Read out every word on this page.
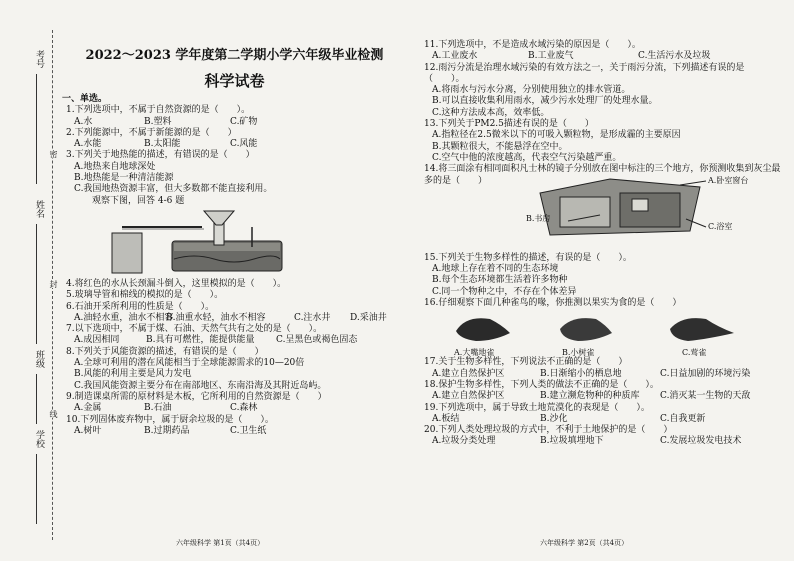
考号
姓名
班级
学校
密
封
线
2022～2023 学年度第二学期小学六年级毕业检测
科学试卷
一、单选。
1.下列选项中，不属于自然资源的是（　　）。
A.水	B.塑料	C.矿物
2.下列能源中，不属于新能源的是（　　）
A.水能	B.太阳能	C.风能
3.下列关于地热能的描述，有错误的是（　　）
A.地热来自地球深处
B.地热能是一种清洁能源
C.我国地热资源丰富，但大多数都不能直接利用。
观察下图，回答 4-6 题
4.将红色的水从长颈漏斗倒入，这里模拟的是（　　）。
5.玻璃导管和棉线的模拟的是（　　）。
6.石油开采所利用的性质是（　　）。
A.油轻水重，油水不相容
B.油重水轻，油水不相容	C.注水井	D.采油井
7.以下选项中，不属于煤、石油、天然气共有之处的是（　　）。
A.成因相同	B.具有可燃性，能提供能量	C.呈黑色或褐色固态
8.下列关于风能资源的描述，有错误的是（　　）
A.全球可利用的潜在风能相当于全球能源需求的10—20倍
B.风能的利用主要是风力发电
C.我国风能资源主要分布在南部地区、东南沿海及其附近岛屿。
9.制造课桌所需的原材料是木板，它所利用的自然资源是（　　）
A.金属	B.石油	C.森林
10.下列固体废弃物中，属于厨余垃圾的是（　　）。
A.树叶	B.过期药品	C.卫生纸
六年级科学 第1页（共4页）
11.下列选项中，不是造成水域污染的原因是（　　）。
A.工业废水	B.工业废气	C.生活污水及垃圾
12.雨污分流是治理水域污染的有效方法之一，关于雨污分流，下列描述有误的是（　　）。
A.将雨水与污水分离，分别使用独立的排水管道。
B.可以直接收集利用雨水，减少污水处理厂的处理水量。
C.这种方法成本高，效率低。
13.下列关于PM2.5描述有误的是（　　）
A.指粒径在2.5微米以下的可吸入颗粒物，是形成霾的主要原因
B.其颗粒很大，不能悬浮在空中。
C.空气中他的浓度越高，代表空气污染越严重。
14.将三面涂有相同面积凡士林的镜子分别放在图中标注的三个地方，你预测收集到灰尘最多的是（　　）	A.卧室窗台
B.书房
C.浴室
15.下列关于生物多样性的描述，有误的是（　　）。
A.地球上存在着不同的生态环境
B.每个生态环境都生活着许多物种
C.同一个物种之中，不存在个体差异
16.仔细观察下面几种雀鸟的喙，你推测以果实为食的是（　　）
A.大嘴地雀	B.小树雀	C.莺雀
17.关于生物多样性，下列说法不正确的是（　　）
A.建立自然保护区	B.日渐缩小的栖息地	C.日益加剧的环境污染
18.保护生物多样性，下列人类的做法不正确的是（　　）。
A.建立自然保护区	B.建立濒危物种的种质库	C.消灭某一生物的天敌
19.下列选项中，属于导致土地荒漠化的表现是（　　）。
A.板结	B.沙化	C.自我更新
20.下列人类处理垃圾的方式中，不利于土地保护的是（　　）
A.垃圾分类处理	B.垃圾填埋地下	C.发展垃圾发电技术
六年级科学 第2页（共4页）
